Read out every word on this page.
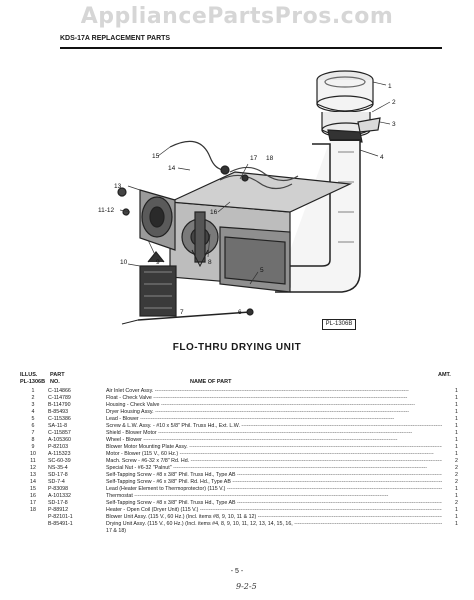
AppliancePartsPros.com
KDS-17A REPLACEMENT PARTS
1
2
3
4
5
6
7
8
9
10
11-12
13
14
15
16
17 18
PL-1306B
FLO-THRU DRYING UNIT
ILLUS.
PL-1306B
PART
NO.	NAME OF PART
AMT.
1	C-114866	Air Inlet Cover Assy. -----	1
2	C-114789	Float - Check Valve -----	1
3	B-114790	Housing - Check Valve -----	1
4	B-85493	Dryer Housing Assy. -----	1
5	C-115386	Lead - Blower -----	1
6	SA-11-8	Screw & L.W. Assy. - #10 x 5/8" Phil. Truss Hd., Ext. L.W. -----	1
7	C-115857	Shield - Blower Motor -----	1
8	A-105360	Wheel - Blower -----	1
9	P-82103	Blower Motor Mounting Plate Assy. -----	1
10	A-115323	Motor - Blower (115 V., 60 Hz.) -----	1
11	SC-60-39	Mach. Screw - #6-32 x 7/8" Rd. Hd. -----	2
12	NS-35-4	Special Nut - #6-32 "Palnut" -----	2
13	SD-17-8	Self-Tapping Screw - #8 x 3/8" Phil. Truss Hd., Type AB -----	2
14	SD-7-4	Self-Tapping Screw - #6 x 3/8" Phil. Rd. Hd., Type AB -----	2
15	P-83098	Lead (Heater Element to Thermoprotector) (115 V.) -----	1
16	A-101332	Thermostat -----	1
17	SD-17-8	Self-Tapping Screw - #8 x 3/8" Phil. Truss Hd., Type AB -----	2
18	P-88912	Heater - Open Coil (Dryer Unit) (115 V.) -----	1
P-82101-1	Blower Unit Assy. (115 V., 60 Hz.) (Incl. items #8, 9, 10, 11 & 12) -----	1
B-85491-1	Drying Unit Assy. (115 V., 60 Hz.) (Incl. items #4, 8, 9, 10, 11, 12, 13, 14, 15, 16, -----	1
17 & 18)
- 5 -
9-2-5
